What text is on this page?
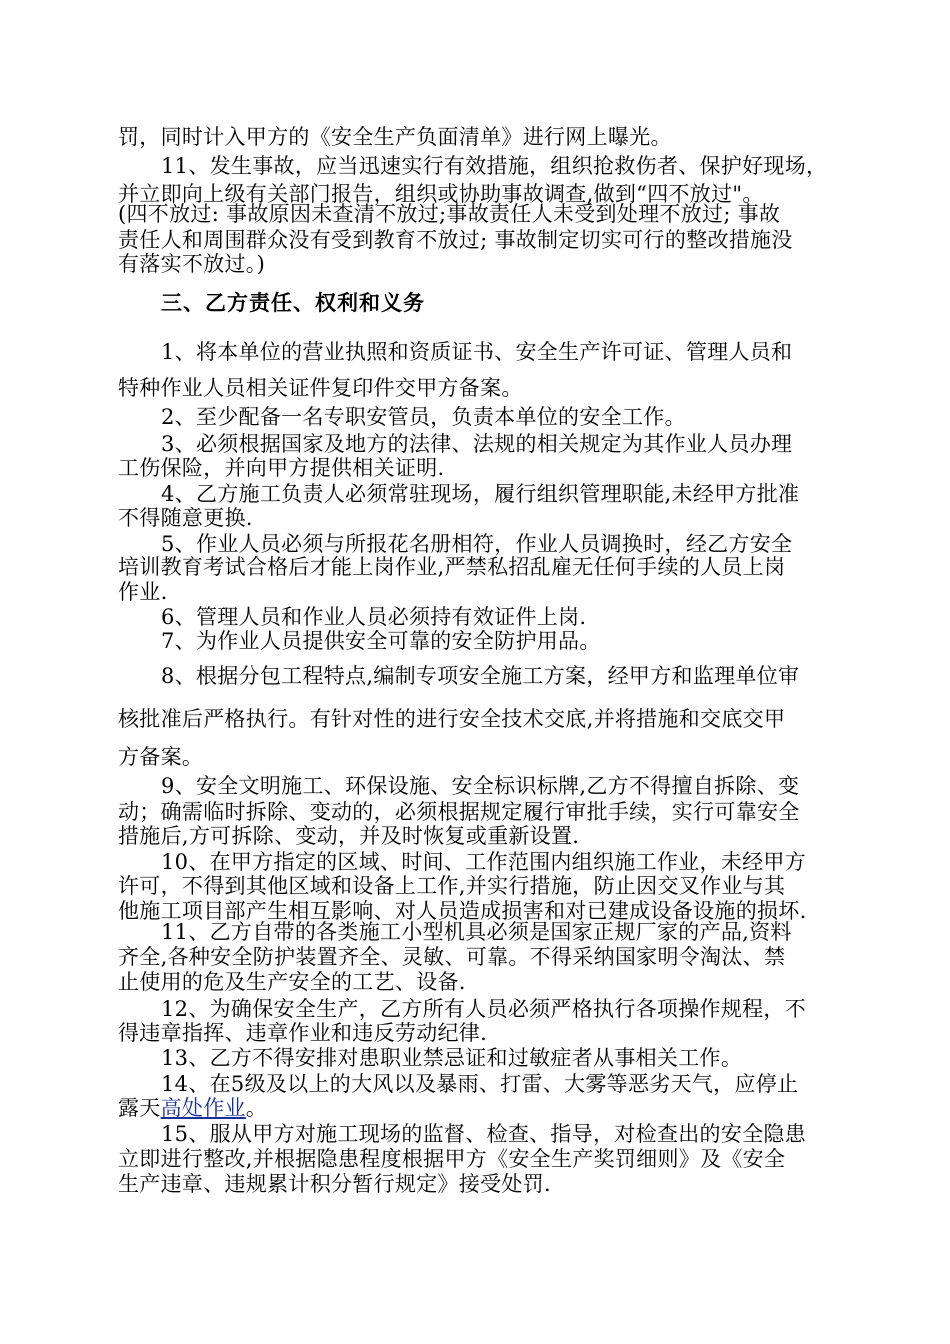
罚，同时计入甲方的《安全生产负面清单》进行网上曝光。
11、发生事故，应当迅速实行有效措施，组织抢救伤者、保护好现场，
并立即向上级有关部门报告，组织或协助事故调查,做到“四不放过"。
(四不放过: 事故原因未查清不放过;事故责任人未受到处理不放过; 事故
责任人和周围群众没有受到教育不放过; 事故制定切实可行的整改措施没
有落实不放过。)
三、乙方责任、权利和义务
1、将本单位的营业执照和资质证书、安全生产许可证、管理人员和
特种作业人员相关证件复印件交甲方备案。
2、至少配备一名专职安管员，负责本单位的安全工作。
3、必须根据国家及地方的法律、法规的相关规定为其作业人员办理
工伤保险，并向甲方提供相关证明.
4、乙方施工负责人必须常驻现场，履行组织管理职能,未经甲方批准
不得随意更换.
5、作业人员必须与所报花名册相符，作业人员调换时，经乙方安全
培训教育考试合格后才能上岗作业,严禁私招乱雇无任何手续的人员上岗
作业.
6、管理人员和作业人员必须持有效证件上岗.
7、为作业人员提供安全可靠的安全防护用品。
8、根据分包工程特点,编制专项安全施工方案，经甲方和监理单位审
核批准后严格执行。有针对性的进行安全技术交底,并将措施和交底交甲
方备案。
9、安全文明施工、环保设施、安全标识标牌,乙方不得擅自拆除、变
动；确需临时拆除、变动的，必须根据规定履行审批手续，实行可靠安全
措施后,方可拆除、变动，并及时恢复或重新设置.
10、在甲方指定的区域、时间、工作范围内组织施工作业，未经甲方
许可，不得到其他区域和设备上工作,并实行措施，防止因交叉作业与其
他施工项目部产生相互影响、对人员造成损害和对已建成设备设施的损坏.
11、乙方自带的各类施工小型机具必须是国家正规厂家的产品,资料
齐全,各种安全防护装置齐全、灵敏、可靠。不得采纳国家明令淘汰、禁
止使用的危及生产安全的工艺、设备.
12、为确保安全生产，乙方所有人员必须严格执行各项操作规程，不
得违章指挥、违章作业和违反劳动纪律.
13、乙方不得安排对患职业禁忌证和过敏症者从事相关工作。
14、在5级及以上的大风以及暴雨、打雷、大雾等恶劣天气，应停止
露天高处作业。
15、服从甲方对施工现场的监督、检查、指导，对检查出的安全隐患
立即进行整改,并根据隐患程度根据甲方《安全生产奖罚细则》及《安全
生产违章、违规累计积分暂行规定》接受处罚.
